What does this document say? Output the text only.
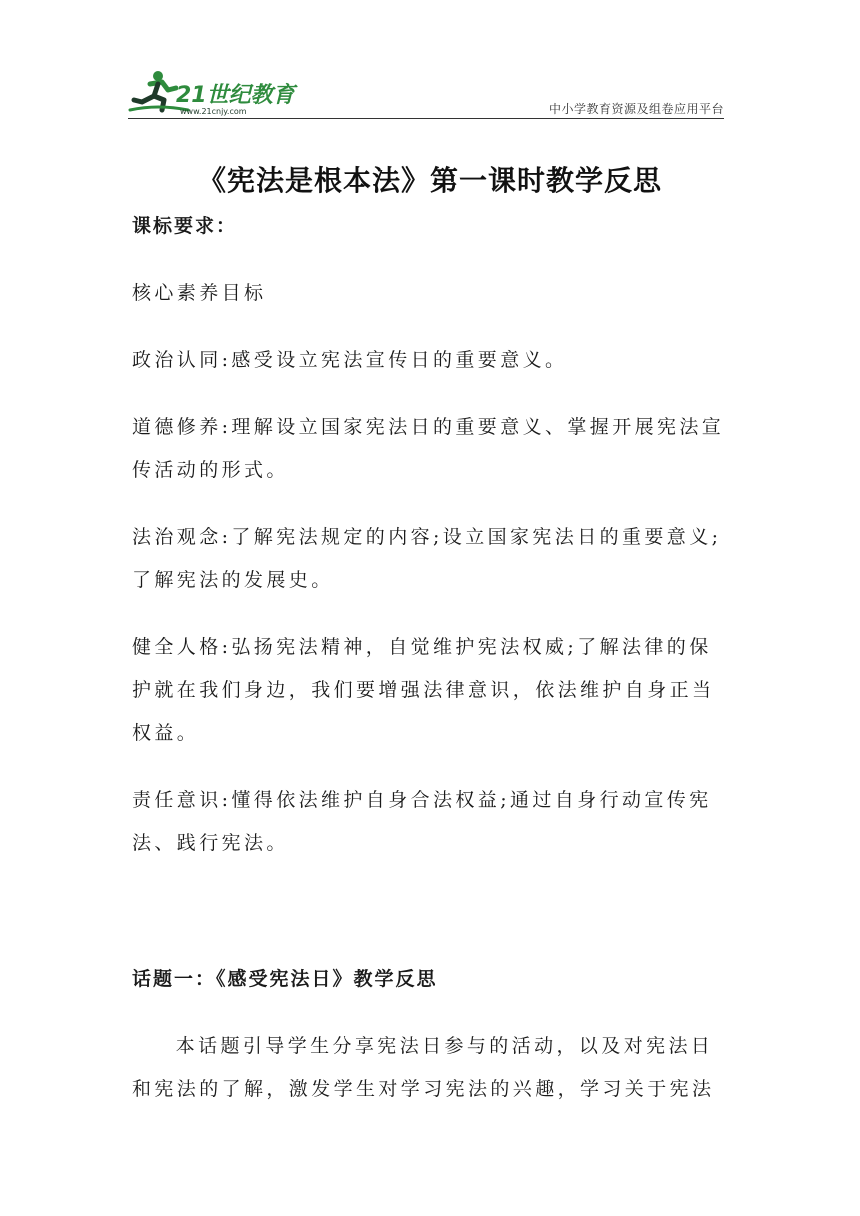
21世纪教育
www.21cnjy.com	中小学教育资源及组卷应用平台
《宪法是根本法》第一课时教学反思

课标要求：

核心素养目标

政治认同:感受设立宪法宣传日的重要意义。

道德修养:理解设立国家宪法日的重要意义、掌握开展宪法宣传活动的形式。

法治观念:了解宪法规定的内容;设立国家宪法日的重要意义;了解宪法的发展史。

健全人格:弘扬宪法精神，自觉维护宪法权威;了解法律的保护就在我们身边，我们要增强法律意识，依法维护自身正当权益。

责任意识:懂得依法维护自身合法权益;通过自身行动宣传宪法、践行宪法。

话题一：《感受宪法日》教学反思

本话题引导学生分享宪法日参与的活动，以及对宪法日和宪法的了解，激发学生对学习宪法的兴趣，学习关于宪法
